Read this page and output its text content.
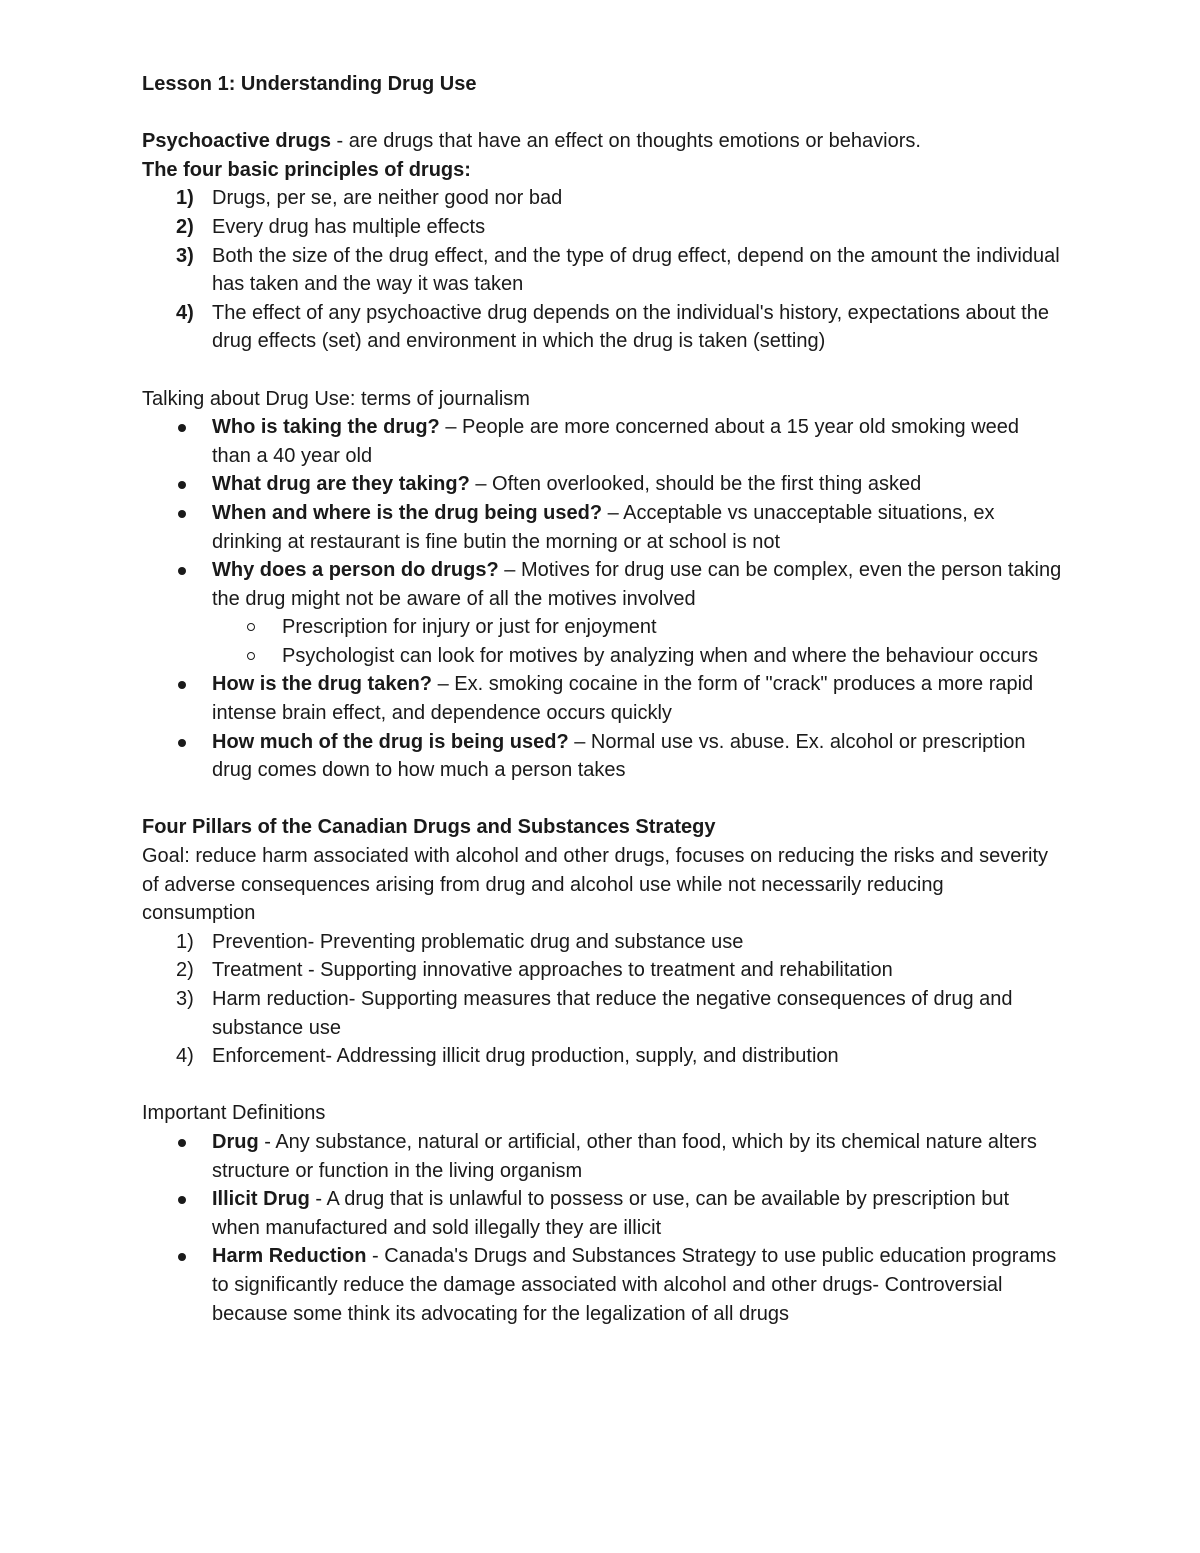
Lesson 1: Understanding Drug Use

Psychoactive drugs - are drugs that have an effect on thoughts emotions or behaviors.

The four basic principles of drugs:

1) Drugs, per se, are neither good nor bad
2) Every drug has multiple effects
3) Both the size of the drug effect, and the type of drug effect, depend on the amount the individual has taken and the way it was taken
4) The effect of any psychoactive drug depends on the individual's history, expectations about the drug effects (set) and environment in which the drug is taken (setting)

Talking about Drug Use: terms of journalism

Who is taking the drug? – People are more concerned about a 15 year old smoking weed than a 40 year old
What drug are they taking? – Often overlooked, should be the first thing asked
When and where is the drug being used? – Acceptable vs unacceptable situations, ex drinking at restaurant is fine butin the morning or at school is not
Why does a person do drugs? – Motives for drug use can be complex, even the person taking the drug might not be aware of all the motives involved
Prescription for injury or just for enjoyment
Psychologist can look for motives by analyzing when and where the behaviour occurs
How is the drug taken? – Ex. smoking cocaine in the form of "crack" produces a more rapid intense brain effect, and dependence occurs quickly
How much of the drug is being used? – Normal use vs. abuse. Ex. alcohol or prescription drug comes down to how much a person takes

Four Pillars of the Canadian Drugs and Substances Strategy

Goal: reduce harm associated with alcohol and other drugs, focuses on reducing the risks and severity of adverse consequences arising from drug and alcohol use while not necessarily reducing consumption

1) Prevention- Preventing problematic drug and substance use
2) Treatment - Supporting innovative approaches to treatment and rehabilitation
3) Harm reduction- Supporting measures that reduce the negative consequences of drug and substance use
4) Enforcement- Addressing illicit drug production, supply, and distribution

Important Definitions

Drug - Any substance, natural or artificial, other than food, which by its chemical nature alters structure or function in the living organism
Illicit Drug - A drug that is unlawful to possess or use, can be available by prescription but when manufactured and sold illegally they are illicit
Harm Reduction - Canada's Drugs and Substances Strategy to use public education programs to significantly reduce the damage associated with alcohol and other drugs- Controversial because some think its advocating for the legalization of all drugs
